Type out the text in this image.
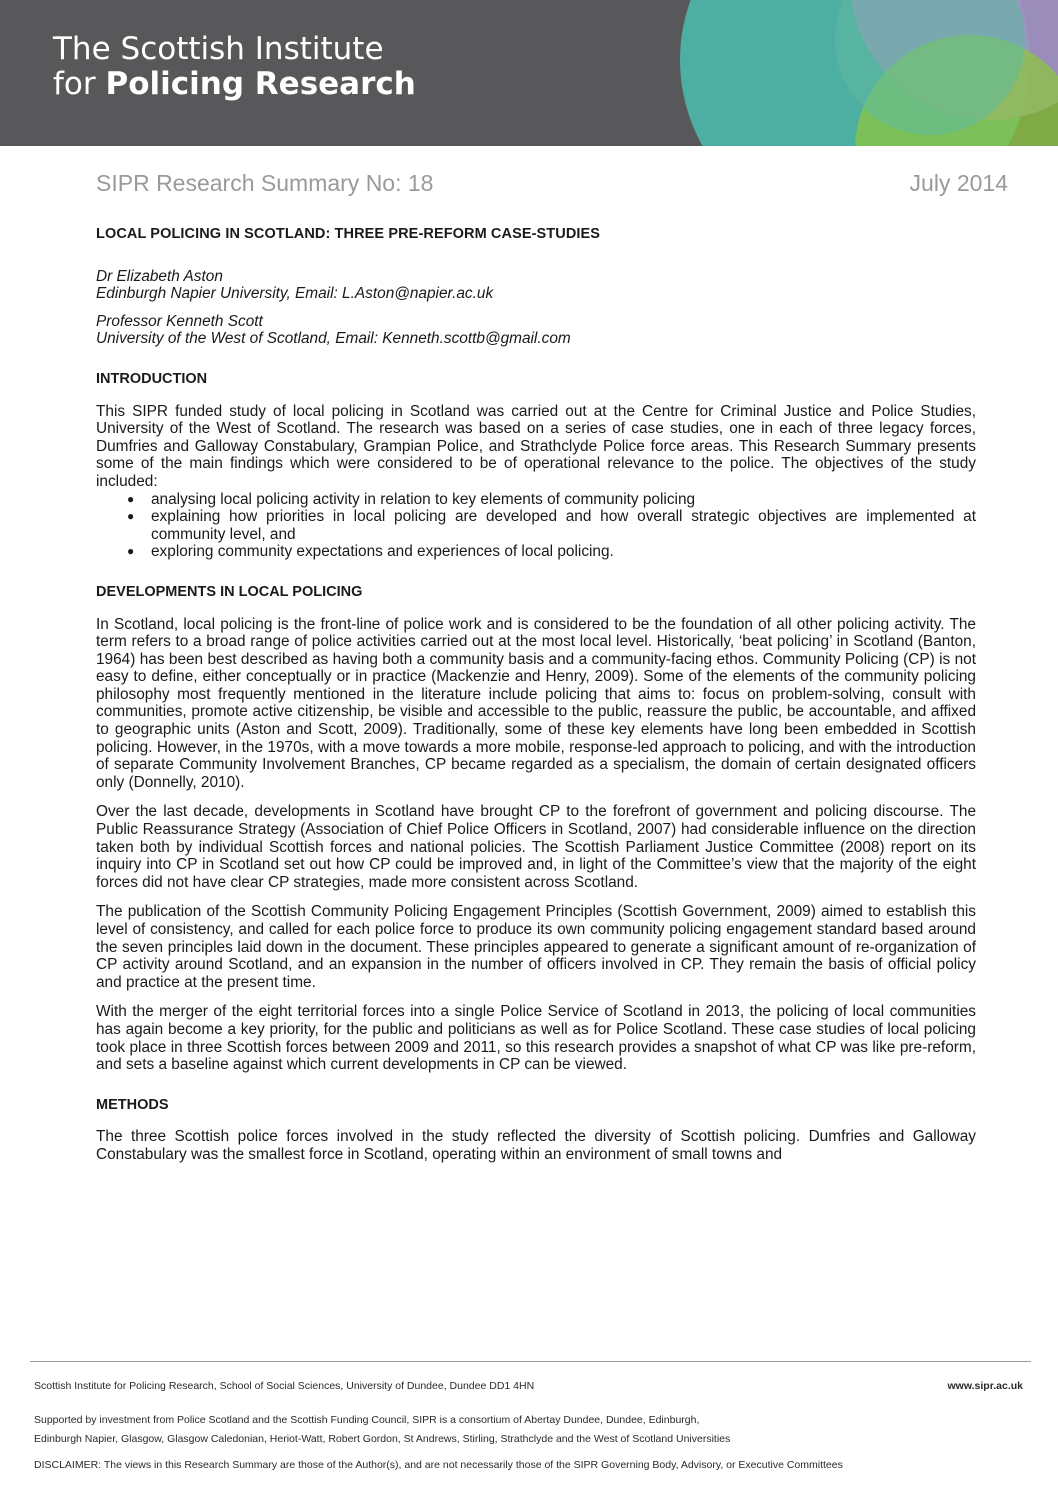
The Scottish Institute
for Policing Research
SIPR Research Summary No: 18	July 2014
LOCAL POLICING IN SCOTLAND: THREE PRE-REFORM CASE-STUDIES
Dr Elizabeth Aston
Edinburgh Napier University, Email: L.Aston@napier.ac.uk
Professor Kenneth Scott
University of the West of Scotland, Email: Kenneth.scottb@gmail.com
INTRODUCTION

This SIPR funded study of local policing in Scotland was carried out at the Centre for Criminal Justice and Police Studies, University of the West of Scotland. The research was based on a series of case studies, one in each of three legacy forces, Dumfries and Galloway Constabulary, Grampian Police, and Strathclyde Police force areas. This Research Summary presents some of the main findings which were considered to be of operational relevance to the police. The objectives of the study included:

● analysing local policing activity in relation to key elements of community policing
● explaining how priorities in local policing are developed and how overall strategic objectives are implemented at community level, and
● exploring community expectations and experiences of local policing.
DEVELOPMENTS IN LOCAL POLICING

In Scotland, local policing is the front-line of police work and is considered to be the foundation of all other policing activity. The term refers to a broad range of police activities carried out at the most local level. Historically, ‘beat policing’ in Scotland (Banton, 1964) has been best described as having both a community basis and a community-facing ethos. Community Policing (CP) is not easy to define, either conceptually or in practice (Mackenzie and Henry, 2009). Some of the elements of the community policing philosophy most frequently mentioned in the literature include policing that aims to: focus on problem-solving, consult with communities, promote active citizenship, be visible and accessible to the public, reassure the public, be accountable, and affixed to geographic units (Aston and Scott, 2009). Traditionally, some of these key elements have long been embedded in Scottish policing. However, in the 1970s, with a move towards a more mobile, response-led approach to policing, and with the introduction of separate Community Involvement Branches, CP became regarded as a specialism, the domain of certain designated officers only (Donnelly, 2010).

Over the last decade, developments in Scotland have brought CP to the forefront of government and policing discourse. The Public Reassurance Strategy (Association of Chief Police Officers in Scotland, 2007) had considerable influence on the direction taken both by individual Scottish forces and national policies. The Scottish Parliament Justice Committee (2008) report on its inquiry into CP in Scotland set out how CP could be improved and, in light of the Committee’s view that the majority of the eight forces did not have clear CP strategies, made more consistent across Scotland.

The publication of the Scottish Community Policing Engagement Principles (Scottish Government, 2009) aimed to establish this level of consistency, and called for each police force to produce its own community policing engagement standard based around the seven principles laid down in the document. These principles appeared to generate a significant amount of re-organization of CP activity around Scotland, and an expansion in the number of officers involved in CP. They remain the basis of official policy and practice at the present time.

With the merger of the eight territorial forces into a single Police Service of Scotland in 2013, the policing of local communities has again become a key priority, for the public and politicians as well as for Police Scotland. These case studies of local policing took place in three Scottish forces between 2009 and 2011, so this research provides a snapshot of what CP was like pre-reform, and sets a baseline against which current developments in CP can be viewed.

METHODS

The three Scottish police forces involved in the study reflected the diversity of Scottish policing. Dumfries and Galloway Constabulary was the smallest force in Scotland, operating within an environment of small towns and

Scottish Institute for Policing Research, School of Social Sciences, University of Dundee, Dundee DD1 4HN	www.sipr.ac.uk
Supported by investment from Police Scotland and the Scottish Funding Council, SIPR is a consortium of Abertay Dundee, Dundee, Edinburgh,
Edinburgh Napier, Glasgow, Glasgow Caledonian, Heriot-Watt, Robert Gordon, St Andrews, Stirling, Strathclyde and the West of Scotland Universities
DISCLAIMER: The views in this Research Summary are those of the Author(s), and are not necessarily those of the SIPR Governing Body, Advisory, or Executive Committees
